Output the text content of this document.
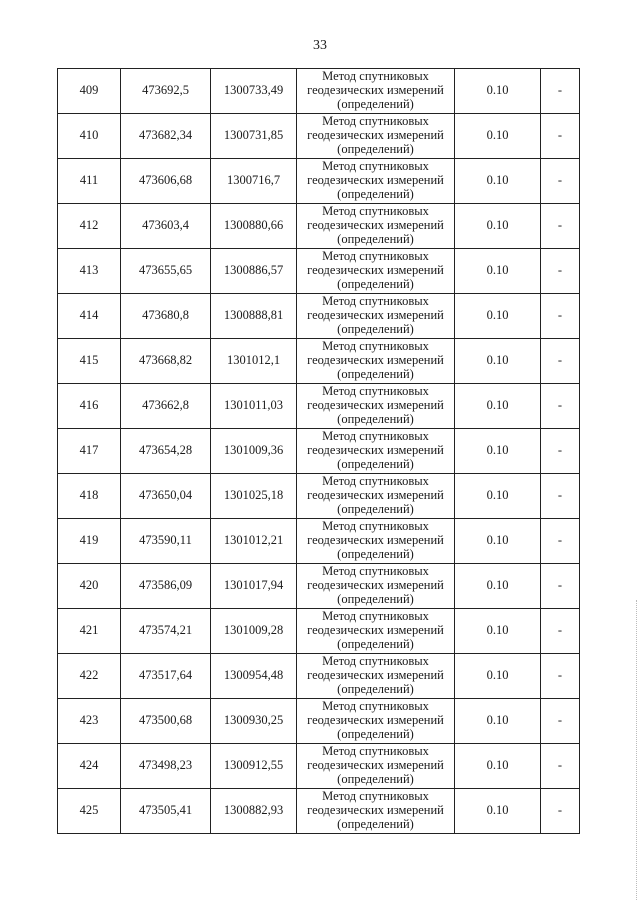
33
409	473692,5	1300733,49	Метод спутниковых
геодезических измерений
(определений)	0.10	-
410	473682,34	1300731,85	Метод спутниковых
геодезических измерений
(определений)	0.10	-
411	473606,68	1300716,7	Метод спутниковых
геодезических измерений
(определений)	0.10	-
412	473603,4	1300880,66	Метод спутниковых
геодезических измерений
(определений)	0.10	-
413	473655,65	1300886,57	Метод спутниковых
геодезических измерений
(определений)	0.10	-
414	473680,8	1300888,81	Метод спутниковых
геодезических измерений
(определений)	0.10	-
415	473668,82	1301012,1	Метод спутниковых
геодезических измерений
(определений)	0.10	-
416	473662,8	1301011,03	Метод спутниковых
геодезических измерений
(определений)	0.10	-
417	473654,28	1301009,36	Метод спутниковых
геодезических измерений
(определений)	0.10	-
418	473650,04	1301025,18	Метод спутниковых
геодезических измерений
(определений)	0.10	-
419	473590,11	1301012,21	Метод спутниковых
геодезических измерений
(определений)	0.10	-
420	473586,09	1301017,94	Метод спутниковых
геодезических измерений
(определений)	0.10	-
421	473574,21	1301009,28	Метод спутниковых
геодезических измерений
(определений)	0.10	-
422	473517,64	1300954,48	Метод спутниковых
геодезических измерений
(определений)	0.10	-
423	473500,68	1300930,25	Метод спутниковых
геодезических измерений
(определений)	0.10	-
424	473498,23	1300912,55	Метод спутниковых
геодезических измерений
(определений)	0.10	-
425	473505,41	1300882,93	Метод спутниковых
геодезических измерений
(определений)	0.10	-
